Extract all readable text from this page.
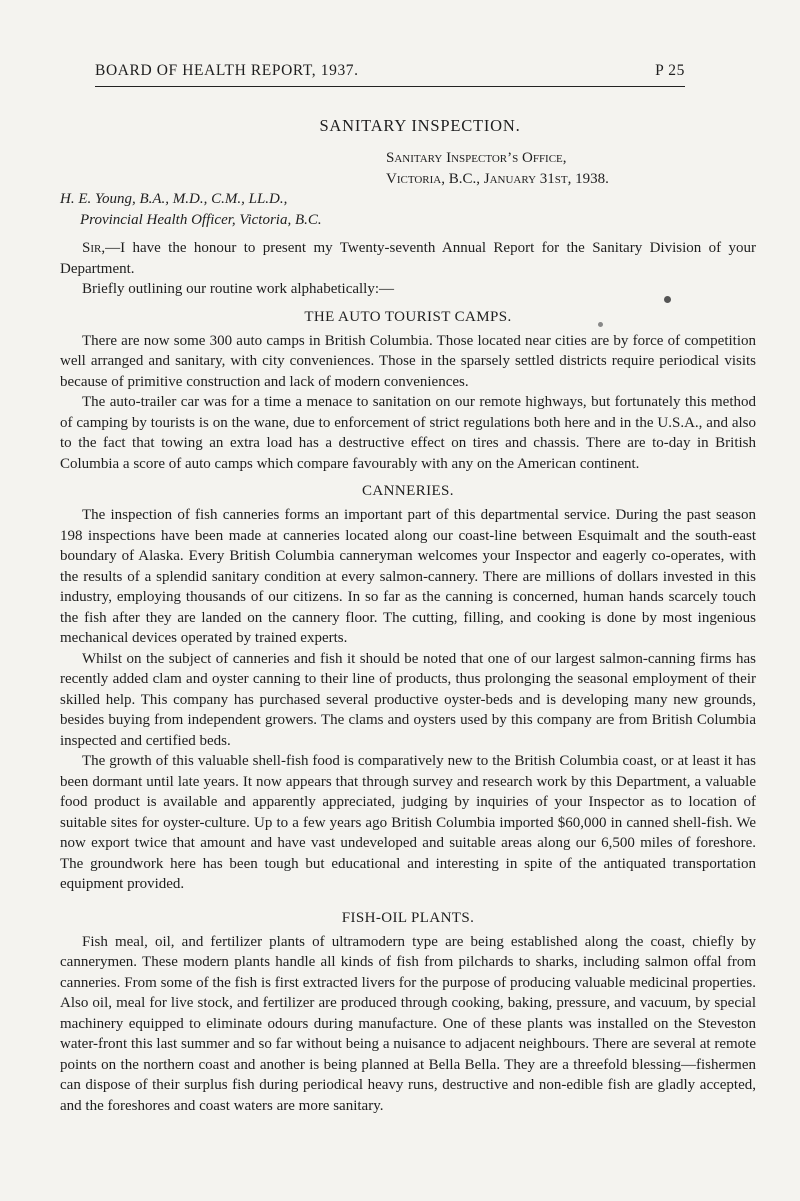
BOARD OF HEALTH REPORT, 1937.	P 25
SANITARY INSPECTION.
Sanitary Inspector’s Office,
Victoria, B.C., January 31st, 1938.
H. E. Young, B.A., M.D., C.M., LL.D.,
Provincial Health Officer, Victoria, B.C.

Sir,—I have the honour to present my Twenty-seventh Annual Report for the Sanitary Division of your Department.

Briefly outlining our routine work alphabetically:—

THE AUTO TOURIST CAMPS.

There are now some 300 auto camps in British Columbia. Those located near cities are by force of competition well arranged and sanitary, with city conveniences. Those in the sparsely settled districts require periodical visits because of primitive construction and lack of modern conveniences.

The auto-trailer car was for a time a menace to sanitation on our remote highways, but fortunately this method of camping by tourists is on the wane, due to enforcement of strict regulations both here and in the U.S.A., and also to the fact that towing an extra load has a destructive effect on tires and chassis. There are to-day in British Columbia a score of auto camps which compare favourably with any on the American continent.

CANNERIES.

The inspection of fish canneries forms an important part of this departmental service. During the past season 198 inspections have been made at canneries located along our coast-line between Esquimalt and the south-east boundary of Alaska. Every British Columbia canneryman welcomes your Inspector and eagerly co-operates, with the results of a splendid sanitary condition at every salmon-cannery. There are millions of dollars invested in this industry, employing thousands of our citizens. In so far as the canning is concerned, human hands scarcely touch the fish after they are landed on the cannery floor. The cutting, filling, and cooking is done by most ingenious mechanical devices operated by trained experts.

Whilst on the subject of canneries and fish it should be noted that one of our largest salmon-canning firms has recently added clam and oyster canning to their line of products, thus prolonging the seasonal employment of their skilled help. This company has purchased several productive oyster-beds and is developing many new grounds, besides buying from independent growers. The clams and oysters used by this company are from British Columbia inspected and certified beds.

The growth of this valuable shell-fish food is comparatively new to the British Columbia coast, or at least it has been dormant until late years. It now appears that through survey and research work by this Department, a valuable food product is available and apparently appreciated, judging by inquiries of your Inspector as to location of suitable sites for oyster-culture. Up to a few years ago British Columbia imported $60,000 in canned shell-fish. We now export twice that amount and have vast undeveloped and suitable areas along our 6,500 miles of foreshore. The groundwork here has been tough but educational and interesting in spite of the antiquated transportation equipment provided.

FISH-OIL PLANTS.

Fish meal, oil, and fertilizer plants of ultramodern type are being established along the coast, chiefly by cannerymen. These modern plants handle all kinds of fish from pilchards to sharks, including salmon offal from canneries. From some of the fish is first extracted livers for the purpose of producing valuable medicinal properties. Also oil, meal for live stock, and fertilizer are produced through cooking, baking, pressure, and vacuum, by special machinery equipped to eliminate odours during manufacture. One of these plants was installed on the Steveston water-front this last summer and so far without being a nuisance to adjacent neighbours. There are several at remote points on the northern coast and another is being planned at Bella Bella. They are a threefold blessing—fishermen can dispose of their surplus fish during periodical heavy runs, destructive and non-edible fish are gladly accepted, and the foreshores and coast waters are more sanitary.
